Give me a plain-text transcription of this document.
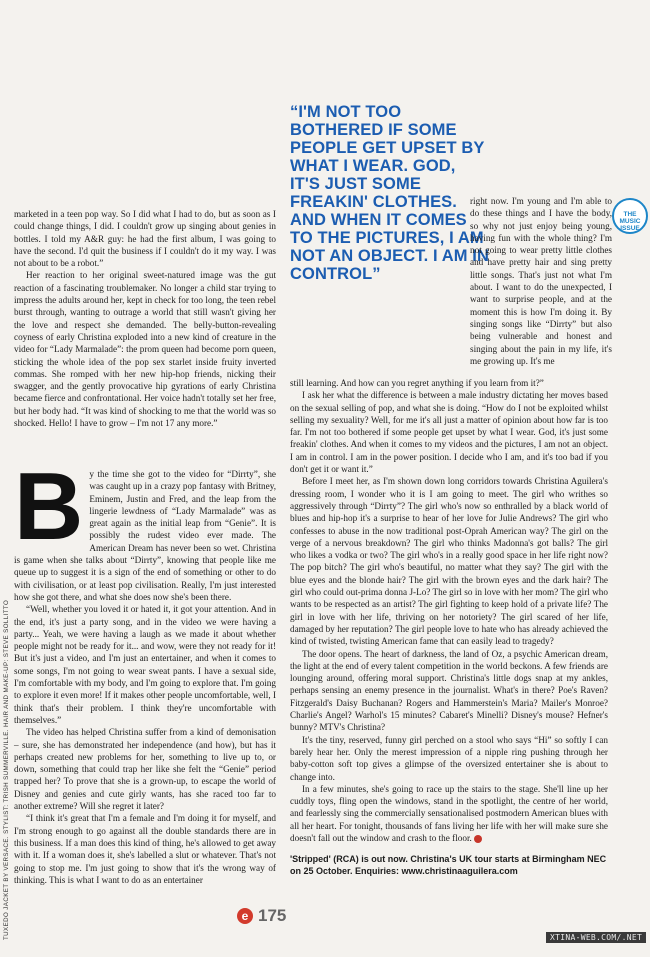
TUXEDO JACKET BY VERSACE. STYLIST: TRISH SUMMERVILLE. HAIR AND MAKE-UP: STEVE SOLLITTO
“I'M NOT TOO BOTHERED IF SOME PEOPLE GET UPSET BY WHAT I WEAR. GOD, IT'S JUST SOME FREAKIN' CLOTHES. AND WHEN IT COMES TO THE PICTURES, I AM NOT AN OBJECT. I AM IN CONTROL”
THE MUSIC ISSUE

marketed in a teen pop way. So I did what I had to do, but as soon as I could change things, I did. I couldn't grow up singing about genies in bottles. I told my A&R guy: he had the first album, I was going to have the second. I'd quit the business if I couldn't do it my way. I was not about to be a robot.”

Her reaction to her original sweet-natured image was the gut reaction of a fascinating troublemaker. No longer a child star trying to impress the adults around her, kept in check for too long, the teen rebel burst through, wanting to outrage a world that still wasn't giving her the love and respect she demanded. The belly-button-revealing coyness of early Christina exploded into a new kind of creature in the video for “Lady Marmalade”: the prom queen had become porn queen, sticking the whole idea of the pop sex starlet inside fruity inverted commas. She romped with her new hip-hop friends, nicking their swagger, and the gently provocative hip gyrations of early Christina became fierce and confrontational. Her voice hadn't totally set her free, but her body had. “It was kind of shocking to me that the world was so shocked. Hello! I have to grow – I'm not 17 any more.”

By the time she got to the video for “Dirrty”, she was caught up in a crazy pop fantasy with Britney, Eminem, Justin and Fred, and the leap from the lingerie lewdness of “Lady Marmalade” was as great again as the initial leap from “Genie”. It is possibly the rudest video ever made. The American Dream has never been so wet. Christina is game when she talks about “Dirrty”, knowing that people like me queue up to suggest it is a sign of the end of something or other to do with civilisation, or at least pop civilisation. Really, I'm just interested how she got there, and what she does now she's been there.

“Well, whether you loved it or hated it, it got your attention. And in the end, it's just a party song, and in the video we were having a party... Yeah, we were having a laugh as we made it about whether people might not be ready for it... and wow, were they not ready for it! But it's just a video, and I'm just an entertainer, and when it comes to some songs, I'm not going to wear sweat pants. I have a sexual side, I'm comfortable with my body, and I'm going to explore that. I'm going to explore it even more! If it makes other people uncomfortable, well, I think that's their problem. I think they're uncomfortable with themselves.”

The video has helped Christina suffer from a kind of demonisation – sure, she has demonstrated her independence (and how), but has it perhaps created new problems for her, something to live up to, or down, something that could trap her like she felt the “Genie” period trapped her? To prove that she is a grown-up, to escape the world of Disney and genies and cute girly wants, has she raced too far to another extreme? Will she regret it later?

“I think it's great that I'm a female and I'm doing it for myself, and I'm strong enough to go against all the double standards there are in this business. If a man does this kind of thing, he's allowed to get away with it. If a woman does it, she's labelled a slut or whatever. That's not going to stop me. I'm just going to show that it's the wrong way of thinking. This is what I want to do as an entertainer

right now. I'm young and I'm able to do these things and I have the body, so why not just enjoy being young, having fun with the whole thing? I'm not going to wear pretty little clothes and have pretty hair and sing pretty little songs. That's just not what I'm about. I want to do the unexpected, I want to surprise people, and at the moment this is how I'm doing it. By singing songs like “Dirrty” but also being vulnerable and honest and singing about the pain in my life, it's me growing up. It's me

still learning. And how can you regret anything if you learn from it?”

I ask her what the difference is between a male industry dictating her moves based on the sexual selling of pop, and what she is doing. “How do I not be exploited whilst selling my sexuality? Well, for me it's all just a matter of opinion about how far is too far. I'm not too bothered if some people get upset by what I wear. God, it's just some freakin' clothes. And when it comes to my videos and the pictures, I am not an object. I am in control. I am in the power position. I decide who I am, and it's too bad if you don't get it or want it.”

Before I meet her, as I'm shown down long corridors towards Christina Aguilera's dressing room, I wonder who it is I am going to meet. The girl who writhes so aggressively through “Dirrty”? The girl who's now so enthralled by a black world of blues and hip-hop it's a surprise to hear of her love for Julie Andrews? The girl who confesses to abuse in the now traditional post-Oprah American way? The girl on the verge of a nervous breakdown? The girl who thinks Madonna's got balls? The girl who likes a vodka or two? The girl who's in a really good space in her life right now? The pop bitch? The girl who's beautiful, no matter what they say? The girl with the blue eyes and the blonde hair? The girl with the brown eyes and the dark hair? The girl who could out-prima donna J-Lo? The girl so in love with her mom? The girl who wants to be respected as an artist? The girl fighting to keep hold of a private life? The girl in love with her life, thriving on her notoriety? The girl scared of her life, damaged by her reputation? The girl people love to hate who has already achieved the kind of twisted, twisting American fame that can easily lead to tragedy?

The door opens. The heart of darkness, the land of Oz, a psychic American dream, the light at the end of every talent competition in the world beckons. A few friends are lounging around, offering moral support. Christina's little dogs snap at my ankles, perhaps sensing an enemy presence in the journalist. What's in there? Poe's Raven? Fitzgerald's Daisy Buchanan? Rogers and Hammerstein's Maria? Mailer's Monroe? Charlie's Angel? Warhol's 15 minutes? Cabaret's Minelli? Disney's mouse? Hefner's bunny? MTV's Christina?

It's the tiny, reserved, funny girl perched on a stool who says “Hi” so softly I can barely hear her. Only the merest impression of a nipple ring pushing through her baby-cotton soft top gives a glimpse of the oversized entertainer she is about to change into.

In a few minutes, she's going to race up the stairs to the stage. She'll line up her cuddly toys, fling open the windows, stand in the spotlight, the centre of her world, and fearlessly sing the commercially sensationalised postmodern American blues with all her heart. For tonight, thousands of fans living her life with her will make sure she doesn't fall out the window and crash to the floor.

'Stripped' (RCA) is out now. Christina's UK tour starts at Birmingham NEC on 25 October. Enquiries: www.christinaaguilera.com

e 175
XTINA-WEB.COM/.NET
